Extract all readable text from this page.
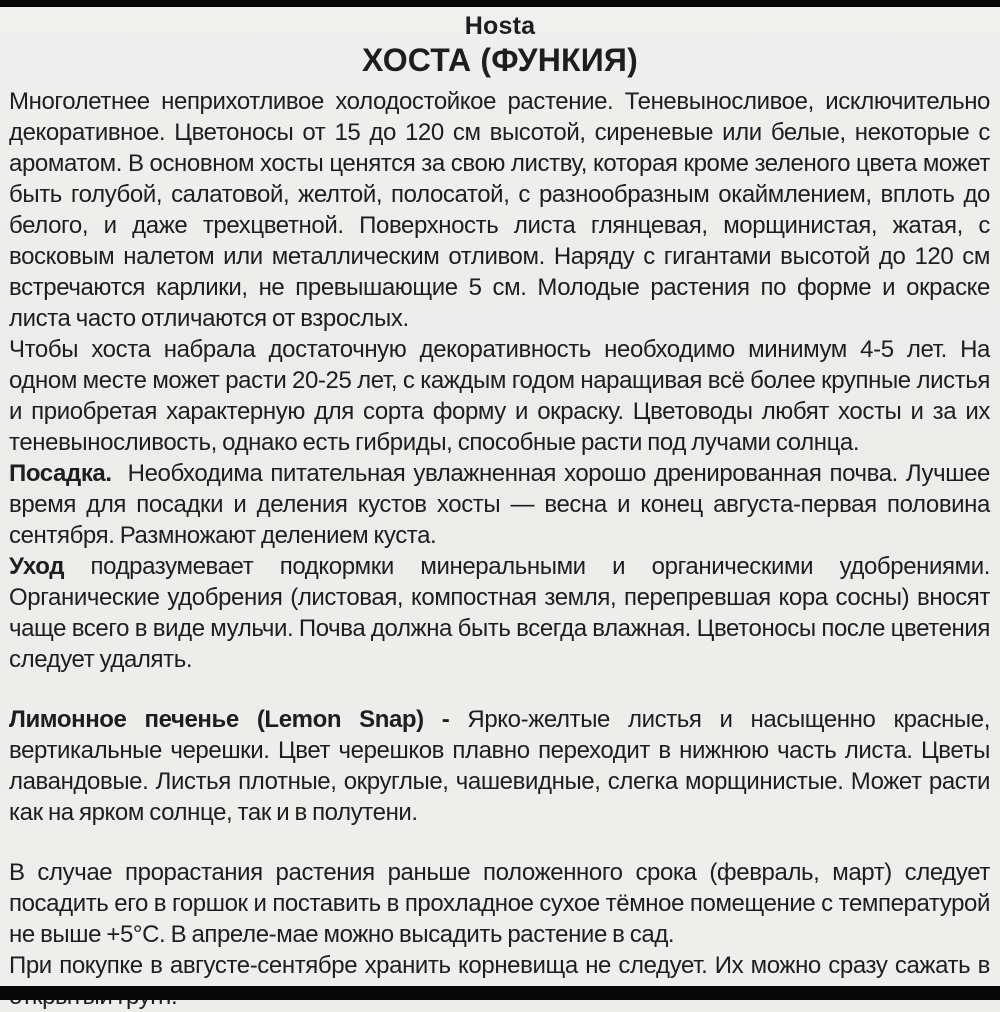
Hosta
ХОСТА (ФУНКИЯ)

Многолетнее неприхотливое холодостойкое растение. Теневыносливое, исключительно декоративное. Цветоносы от 15 до 120 см высотой, сиреневые или белые, некоторые с ароматом. В основном хосты ценятся за свою листву, которая кроме зеленого цвета может быть голубой, салатовой, желтой, полосатой, с разнообразным окаймлением, вплоть до белого, и даже трехцветной. Поверхность листа глянцевая, морщинистая, жатая, с восковым налетом или металлическим отливом. Наряду с гигантами высотой до 120 см встречаются карлики, не превышающие 5 см. Молодые растения по форме и окраске листа часто отличаются от взрослых.

Чтобы хоста набрала достаточную декоративность необходимо минимум 4-5 лет. На одном месте может расти 20-25 лет, с каждым годом наращивая всё более крупные листья и приобретая характерную для сорта форму и окраску. Цветоводы любят хосты и за их теневыносливость, однако есть гибриды, способные расти под лучами солнца.

Посадка.  Необходима питательная увлажненная хорошо дренированная почва. Лучшее время для посадки и деления кустов хосты — весна и конец августа-первая половина сентября. Размножают делением куста.

Уход подразумевает подкормки минеральными и органическими удобрениями. Органические удобрения (листовая, компостная земля, перепревшая кора сосны) вносят чаще всего в виде мульчи. Почва должна быть всегда влажная. Цветоносы после цветения следует удалять.

Лимонное печенье (Lemon Snap) - Ярко-желтые листья и насыщенно красные, вертикальные черешки. Цвет черешков плавно переходит в нижнюю часть листа. Цветы лавандовые. Листья плотные, округлые, чашевидные, слегка морщинистые. Может расти как на ярком солнце, так и в полутени.

В случае прорастания растения раньше положенного срока (февраль, март) следует посадить его в горшок и поставить в прохладное сухое тёмное помещение с температурой не выше +5°С. В апреле-мае можно высадить растение в сад.

При покупке в августе-сентябре хранить корневища не следует. Их можно сразу сажать в
